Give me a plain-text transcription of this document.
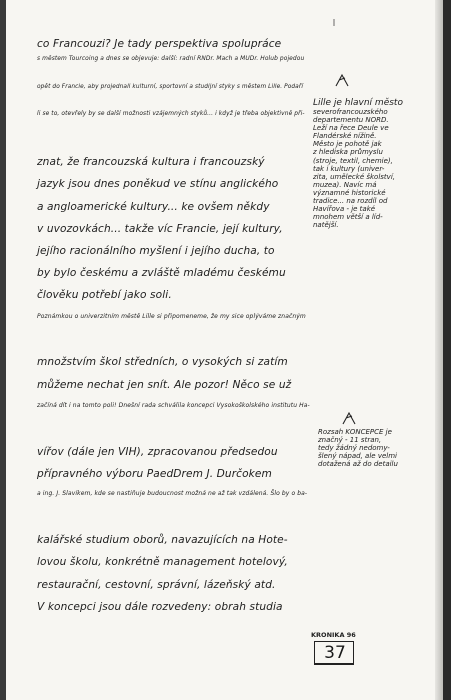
co Francouzi? Je tady perspektiva spolupráce
s městem Tourcoing a dnes se objevuje: další: radní RNDr. Mach a MUDr. Holub pojedou
opět do Francie, aby projednali kulturní, sportovní a studijní styky s městem Lille. Podaří
li se to, otevřely by se další možnosti vzájemných styků... i když je třeba objektivně při-
znat, že francouzská kultura i francouzský
jazyk jsou dnes poněkud ve stínu anglického
a angloamerické kultury... ke ovšem někdy
v uvozovkách... takže víc Francie, její kultury,
jejího racionálního myšlení i jejího ducha, to
by bylo českému a zvláště mladému českému
člověku potřebí jako soli.
Poznámkou o univerzitním městě Lille si připomeneme, že my sice oplýváme značným
množstvím škol středních, o vysokých si zatím
můžeme nechat jen snít. Ale pozor! Něco se už
začíná dít i na tomto poli! Dnešní rada schválila koncepci Vysokoškolského institutu Ha-
vířov (dále jen VIH), zpracovanou předsedou
přípravného výboru PaedDrem J. Durčokem
a ing. J. Slavíkem, kde se nastiňuje budoucnost možná ne až tak vzdálená. Šlo by o ba-
kalářské studium oborů, navazujících na Hote-
lovou školu, konkrétně management hotelový,
restaurační, cestovní, správní, lázeňský atd.
V koncepci jsou dále rozvedeny: obrah studia
Lille je hlavní město
severofrancouzského
departementu NORD.
Leží na řece Deule ve
Flandérské nížině.
Město je pohotě jak
z hlediska průmyslu
(stroje, textil, chemie),
tak i kultury (univer-
zita, umělecké školství,
muzea). Navíc má
významné historické
tradice... na rozdíl od
Havířova - je také
mnohem větší a líd-
natější.
Rozsah KONCEPCE je
značný - 11 stran,
tedy žádný nedomy-
šlený nápad, ale velmi
dotažená až do detailu
KRONIKA 96
37
